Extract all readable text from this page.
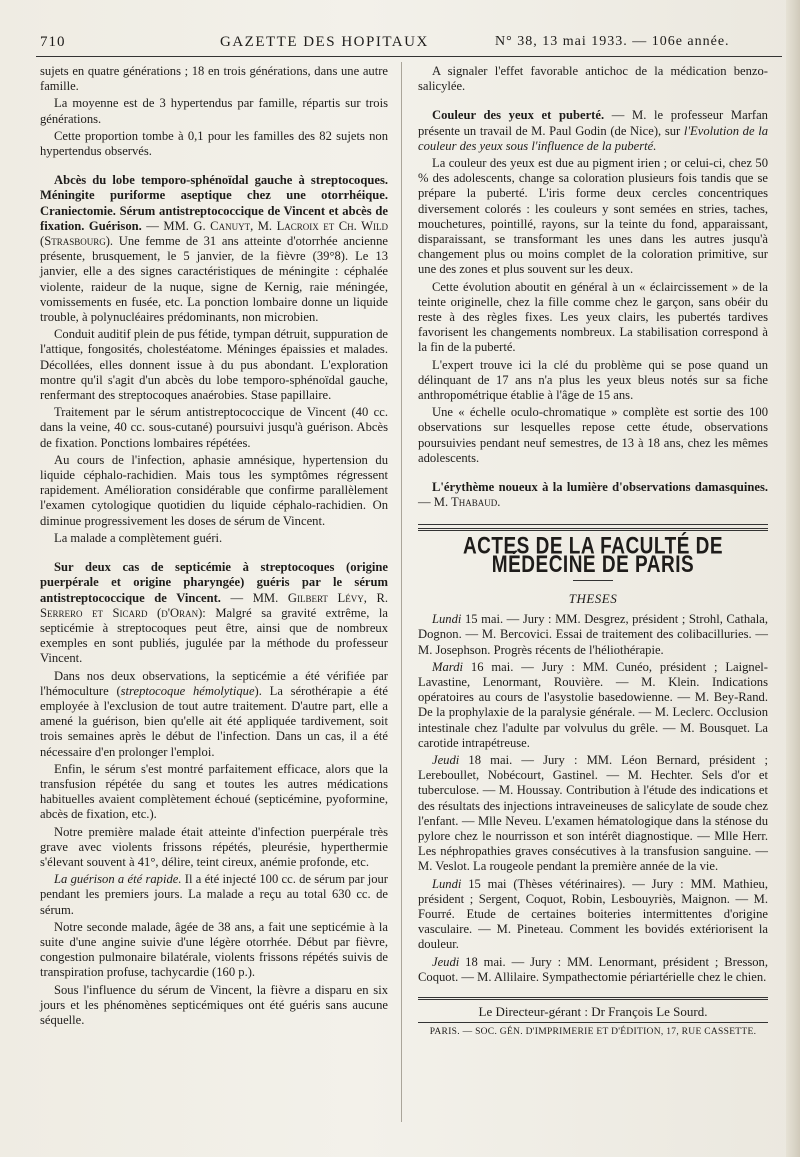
710	GAZETTE DES HOPITAUX	N° 38, 13 mai 1933. — 106e année.

sujets en quatre générations ; 18 en trois générations, dans une autre famille.

La moyenne est de 3 hypertendus par famille, répartis sur trois générations.

Cette proportion tombe à 0,1 pour les familles des 82 sujets non hypertendus observés.

Abcès du lobe temporo-sphénoïdal gauche à streptocoques. Méningite puriforme aseptique chez une otorrhéique. Craniectomie. Sérum antistreptococcique de Vincent et abcès de fixation. Guérison. — MM. G. Canuyt, M. Lacroix et Ch. Wild (Strasbourg). Une femme de 31 ans atteinte d'otorrhée ancienne présente, brusquement, le 5 janvier, de la fièvre (39°8). Le 13 janvier, elle a des signes caractéristiques de méningite : céphalée violente, raideur de la nuque, signe de Kernig, raie méningée, vomissements en fusée, etc. La ponction lombaire donne un liquide trouble, à polynucléaires prédominants, non microbien.

Conduit auditif plein de pus fétide, tympan détruit, suppuration de l'attique, fongosités, cholestéatome. Méninges épaissies et malades. Décollées, elles donnent issue à du pus abondant. L'exploration montre qu'il s'agit d'un abcès du lobe temporo-sphénoïdal gauche, renfermant des streptocoques anaérobies. Stase papillaire.

Traitement par le sérum antistreptococcique de Vincent (40 cc. dans la veine, 40 cc. sous-cutané) poursuivi jusqu'à guérison. Abcès de fixation. Ponctions lombaires répétées.

Au cours de l'infection, aphasie amnésique, hypertension du liquide céphalo-rachidien. Mais tous les symptômes régressent rapidement. Amélioration considérable que confirme parallèlement l'examen cytologique quotidien du liquide céphalo-rachidien. On diminue progressivement les doses de sérum de Vincent.

La malade a complètement guéri.

Sur deux cas de septicémie à streptocoques (origine puerpérale et origine pharyngée) guéris par le sérum antistreptococcique de Vincent. — MM. Gilbert Lévy, R. Serrero et Sicard (d'Oran): Malgré sa gravité extrême, la septicémie à streptocoques peut être, ainsi que de nombreux exemples en sont publiés, jugulée par la méthode du professeur Vincent.

Dans nos deux observations, la septicémie a été vérifiée par l'hémoculture (streptocoque hémolytique). La sérothérapie a été employée à l'exclusion de tout autre traitement. D'autre part, elle a amené la guérison, bien qu'elle ait été appliquée tardivement, soit trois semaines après le début de l'infection. Dans un cas, il a été nécessaire d'en prolonger l'emploi.

Enfin, le sérum s'est montré parfaitement efficace, alors que la transfusion répétée du sang et toutes les autres médications habituelles avaient complètement échoué (septicémine, pyoformine, abcès de fixation, etc.).

Notre première malade était atteinte d'infection puerpérale très grave avec violents frissons répétés, pleurésie, hyperthermie s'élevant souvent à 41°, délire, teint cireux, anémie profonde, etc.

La guérison a été rapide. Il a été injecté 100 cc. de sérum par jour pendant les premiers jours. La malade a reçu au total 630 cc. de sérum.

Notre seconde malade, âgée de 38 ans, a fait une septicémie à la suite d'une angine suivie d'une légère otorrhée. Début par fièvre, congestion pulmonaire bilatérale, violents frissons répétés suivis de transpiration profuse, tachycardie (160 p.).

Sous l'influence du sérum de Vincent, la fièvre a disparu en six jours et les phénomènes septicémiques ont été guéris sans aucune séquelle.

A signaler l'effet favorable antichoc de la médication benzo-salicylée.

Couleur des yeux et puberté. — M. le professeur Marfan présente un travail de M. Paul Godin (de Nice), sur l'Evolution de la couleur des yeux sous l'influence de la puberté.

La couleur des yeux est due au pigment irien ; or celui-ci, chez 50 % des adolescents, change sa coloration plusieurs fois tandis que se prépare la puberté. L'iris forme deux cercles concentriques diversement colorés : les couleurs y sont semées en stries, taches, mouchetures, pointillé, rayons, sur la teinte du fond, apparaissant, disparaissant, se transformant les unes dans les autres jusqu'à changement plus ou moins complet de la coloration primitive, sur une des zones et plus souvent sur les deux.

Cette évolution aboutit en général à un « éclaircissement » de la teinte originelle, chez la fille comme chez le garçon, sans obéir du reste à des règles fixes. Les yeux clairs, les pubertés tardives favorisent les changements nombreux. La stabilisation correspond à la fin de la puberté.

L'expert trouve ici la clé du problème qui se pose quand un délinquant de 17 ans n'a plus les yeux bleus notés sur sa fiche anthropométrique établie à l'âge de 15 ans.

Une « échelle oculo-chromatique » complète est sortie des 100 observations sur lesquelles repose cette étude, observations poursuivies pendant neuf semestres, de 13 à 18 ans, chez les mêmes adolescents.

L'érythème noueux à la lumière d'observations damasquines. — M. Thabaud.

ACTES DE LA FACULTÉ DE MÉDECINE DE PARIS
THESES

Lundi 15 mai. — Jury : MM. Desgrez, président ; Strohl, Cathala, Dognon. — M. Bercovici. Essai de traitement des colibacilluries. — M. Josephson. Progrès récents de l'héliothérapie.

Mardi 16 mai. — Jury : MM. Cunéo, président ; Laignel-Lavastine, Lenormant, Rouvière. — M. Klein. Indications opératoires au cours de l'asystolie basedowienne. — M. Bey-Rand. De la prophylaxie de la paralysie générale. — M. Leclerc. Occlusion intestinale chez l'adulte par volvulus du grêle. — M. Bousquet. La carotide intrapétreuse.

Jeudi 18 mai. — Jury : MM. Léon Bernard, président ; Lereboullet, Nobécourt, Gastinel. — M. Hechter. Sels d'or et tuberculose. — M. Houssay. Contribution à l'étude des indications et des résultats des injections intraveineuses de salicylate de soude chez l'enfant. — Mlle Neveu. L'examen hématologique dans la sténose du pylore chez le nourrisson et son intérêt diagnostique. — Mlle Herr. Les néphropathies graves consécutives à la transfusion sanguine. — M. Veslot. La rougeole pendant la première année de la vie.

Lundi 15 mai (Thèses vétérinaires). — Jury : MM. Mathieu, président ; Sergent, Coquot, Robin, Lesbouyriès, Maignon. — M. Fourré. Etude de certaines boiteries intermittentes d'origine vasculaire. — M. Pineteau. Comment les bovidés extériorisent la douleur.

Jeudi 18 mai. — Jury : MM. Lenormant, président ; Bresson, Coquot. — M. Allilaire. Sympathectomie périartérielle chez le chien.

Le Directeur-gérant : Dr François Le Sourd.
PARIS. — SOC. GÉN. D'IMPRIMERIE ET D'ÉDITION, 17, RUE CASSETTE.
